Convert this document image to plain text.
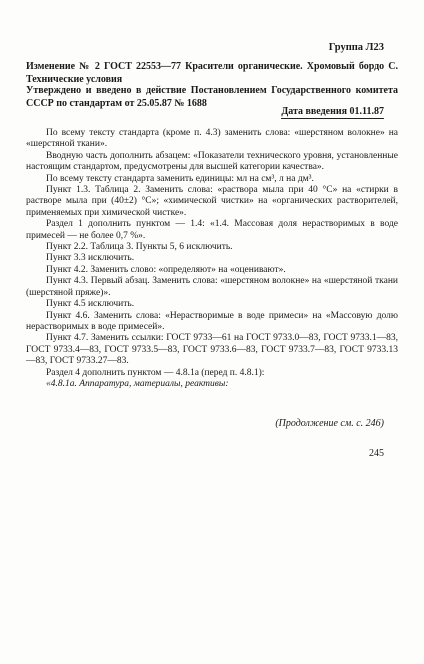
Группа Л23
Изменение № 2 ГОСТ 22553—77 Красители органические. Хромовый бордо С. Технические условия
Утверждено и введено в действие Постановлением Государственного комитета СССР по стандартам от 25.05.87 № 1688
Дата введения 01.11.87

По всему тексту стандарта (кроме п. 4.3) заменить слова: «шерстяном волокне» на «шерстяной ткани».

Вводную часть дополнить абзацем: «Показатели технического уровня, установленные настоящим стандартом, предусмотрены для высшей категории качества».

По всему тексту стандарта заменить единицы: мл на см³, л на дм³.

Пункт 1.3. Таблица 2. Заменить слова: «раствора мыла при 40 °С» на «стирки в растворе мыла при (40±2) °С»; «химической чистки» на «органических растворителей, применяемых при химической чистке».

Раздел 1 дополнить пунктом — 1.4: «1.4. Массовая доля нерастворимых в воде примесей — не более 0,7 %».

Пункт 2.2. Таблица 3. Пункты 5, 6 исключить.

Пункт 3.3 исключить.

Пункт 4.2. Заменить слово: «определяют» на «оценивают».

Пункт 4.3. Первый абзац. Заменить слова: «шерстяном волокне» на «шерстяной ткани (шерстяной пряже)».

Пункт 4.5 исключить.

Пункт 4.6. Заменить слова: «Нерастворимые в воде примеси» на «Массовую долю нерастворимых в воде примесей».

Пункт 4.7. Заменить ссылки: ГОСТ 9733—61 на ГОСТ 9733.0—83, ГОСТ 9733.1—83, ГОСТ 9733.4—83, ГОСТ 9733.5—83, ГОСТ 9733.6—83, ГОСТ 9733.7—83, ГОСТ 9733.13—83, ГОСТ 9733.27—83.

Раздел 4 дополнить пунктом — 4.8.1а (перед п. 4.8.1):

«4.8.1а. Аппаратура, материалы, реактивы:

(Продолжение см. с. 246)
245
